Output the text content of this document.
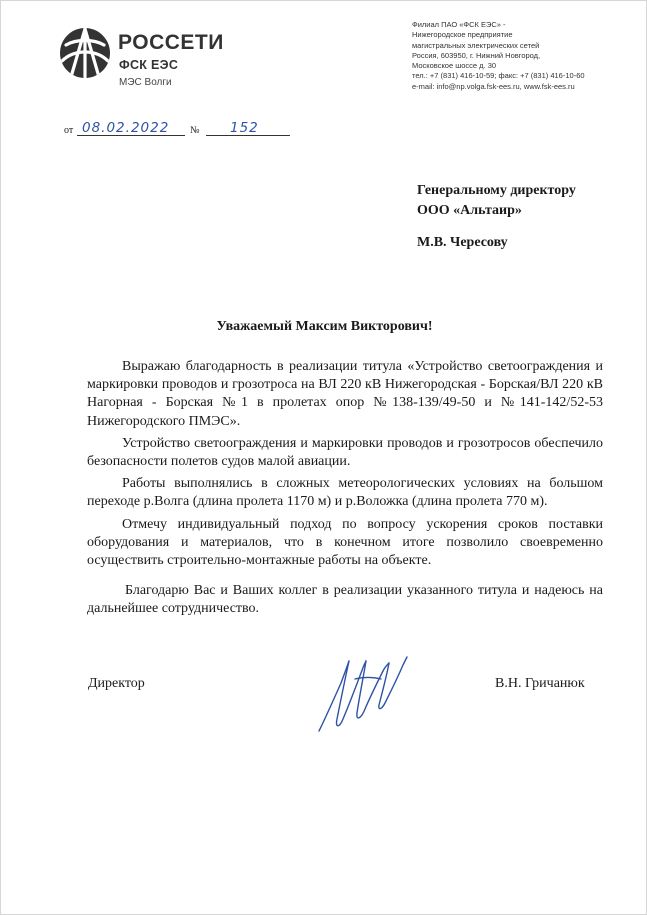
РОССЕТИ
ФСК ЕЭС
МЭС Волги
Филиал ПАО «ФСК ЕЭС» -
Нижегородское предприятие
магистральных электрических сетей
Россия, 603950, г. Нижний Новгород,
Московское шоссе д. 30
тел.: +7 (831) 416-10-59; факс: +7 (831) 416-10-60
e-mail: info@np.volga.fsk-ees.ru, www.fsk-ees.ru
от 08.02.2022 № 152
Генеральному директору
ООО «Альтаир»
М.В. Чересову
Уважаемый Максим Викторович!

Выражаю благодарность в реализации титула «Устройство светоограждения и маркировки проводов и грозотроса на ВЛ 220 кВ Нижегородская - Борская/ВЛ 220 кВ Нагорная - Борская №1 в пролетах опор №138-139/49-50 и №141-142/52-53 Нижегородского ПМЭС».

Устройство светоограждения и маркировки проводов и грозотросов обеспечило безопасности полетов судов малой авиации.

Работы выполнялись в сложных метеорологических условиях на большом переходе р.Волга (длина пролета 1170 м) и р.Воложка (длина пролета 770 м).

Отмечу индивидуальный подход по вопросу ускорения сроков поставки оборудования и материалов, что в конечном итоге позволило своевременно осуществить строительно-монтажные работы на объекте.

Благодарю Вас и Ваших коллег в реализации указанного титула и надеюсь на дальнейшее сотрудничество.

Директор	В.Н. Гричанюк
